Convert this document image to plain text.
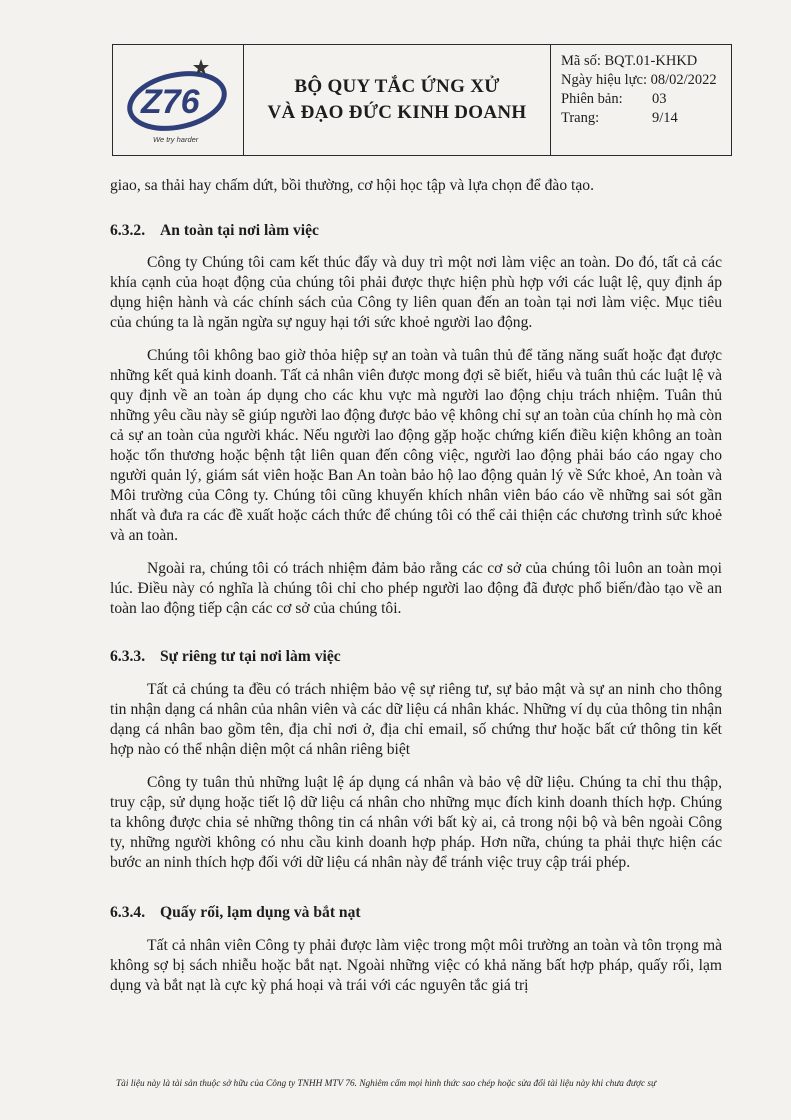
Z76
We try harder
BỘ QUY TẮC ỨNG XỬ
VÀ ĐẠO ĐỨC KINH DOANH
Mã số:
BQT.01-KHKD
Ngày hiệu lực:
08/02/2022
Phiên bản:	03
Trang:	9/14

giao, sa thải hay chấm dứt, bồi thường, cơ hội học tập và lựa chọn để đào tạo.

6.3.2. An toàn tại nơi làm việc

Công ty Chúng tôi cam kết thúc đẩy và duy trì một nơi làm việc an toàn. Do đó, tất cả các khía cạnh của hoạt động của chúng tôi phải được thực hiện phù hợp với các luật lệ, quy định áp dụng hiện hành và các chính sách của Công ty liên quan đến an toàn tại nơi làm việc. Mục tiêu của chúng ta là ngăn ngừa sự nguy hại tới sức khoẻ người lao động.

Chúng tôi không bao giờ thỏa hiệp sự an toàn và tuân thủ để tăng năng suất hoặc đạt được những kết quả kinh doanh. Tất cả nhân viên được mong đợi sẽ biết, hiểu và tuân thủ các luật lệ và quy định về an toàn áp dụng cho các khu vực mà người lao động chịu trách nhiệm. Tuân thủ những yêu cầu này sẽ giúp người lao động được bảo vệ không chỉ sự an toàn của chính họ mà còn cả sự an toàn của người khác. Nếu người lao động gặp hoặc chứng kiến điều kiện không an toàn hoặc tổn thương hoặc bệnh tật liên quan đến công việc, người lao động phải báo cáo ngay cho người quản lý, giám sát viên hoặc Ban An toàn bảo hộ lao động quản lý về Sức khoẻ, An toàn và Môi trường của Công ty. Chúng tôi cũng khuyến khích nhân viên báo cáo về những sai sót gần nhất và đưa ra các đề xuất hoặc cách thức để chúng tôi có thể cải thiện các chương trình sức khoẻ và an toàn.

Ngoài ra, chúng tôi có trách nhiệm đảm bảo rằng các cơ sở của chúng tôi luôn an toàn mọi lúc. Điều này có nghĩa là chúng tôi chỉ cho phép người lao động đã được phổ biến/đào tạo về an toàn lao động tiếp cận các cơ sở của chúng tôi.

6.3.3. Sự riêng tư tại nơi làm việc

Tất cả chúng ta đều có trách nhiệm bảo vệ sự riêng tư, sự bảo mật và sự an ninh cho thông tin nhận dạng cá nhân của nhân viên và các dữ liệu cá nhân khác. Những ví dụ của thông tin nhận dạng cá nhân bao gồm tên, địa chỉ nơi ở, địa chỉ email, số chứng thư hoặc bất cứ thông tin kết hợp nào có thể nhận diện một cá nhân riêng biệt

Công ty tuân thủ những luật lệ áp dụng cá nhân và bảo vệ dữ liệu. Chúng ta chỉ thu thập, truy cập, sử dụng hoặc tiết lộ dữ liệu cá nhân cho những mục đích kinh doanh thích hợp. Chúng ta không được chia sẻ những thông tin cá nhân với bất kỳ ai, cả trong nội bộ và bên ngoài Công ty, những người không có nhu cầu kinh doanh hợp pháp. Hơn nữa, chúng ta phải thực hiện các bước an ninh thích hợp đối với dữ liệu cá nhân này để tránh việc truy cập trái phép.

6.3.4. Quấy rối, lạm dụng và bắt nạt

Tất cả nhân viên Công ty phải được làm việc trong một môi trường an toàn và tôn trọng mà không sợ bị sách nhiễu hoặc bắt nạt. Ngoài những việc có khả năng bất hợp pháp, quấy rối, lạm dụng và bắt nạt là cực kỳ phá hoại và trái với các nguyên tắc giá trị

Tài liệu này là tài sản thuộc sở hữu của Công ty TNHH MTV 76. Nghiêm cấm mọi hình thức sao chép hoặc sửa đổi tài liệu này khi chưa được sự
